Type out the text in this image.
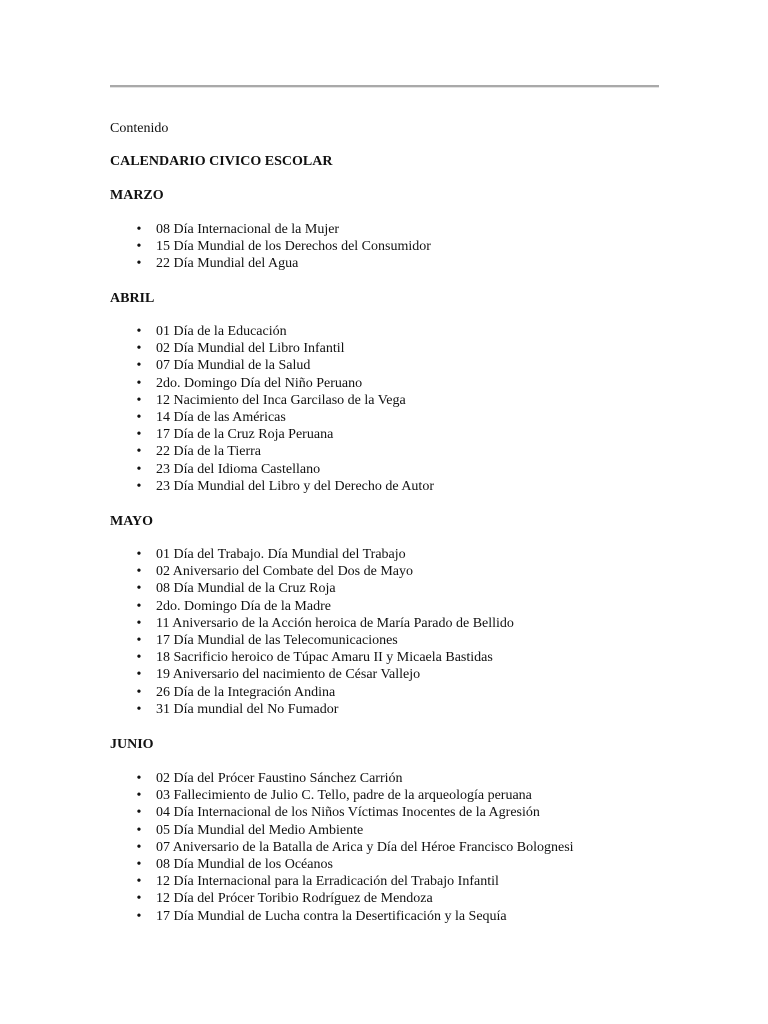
Contenido

CALENDARIO CIVICO ESCOLAR
MARZO
• 08 Día Internacional de la Mujer
• 15 Día Mundial de los Derechos del Consumidor
• 22 Día Mundial del Agua
ABRIL
• 01 Día de la Educación
• 02 Día Mundial del Libro Infantil
• 07 Día Mundial de la Salud
• 2do. Domingo Día del Niño Peruano
• 12 Nacimiento del Inca Garcilaso de la Vega
• 14 Día de las Américas
• 17 Día de la Cruz Roja Peruana
• 22 Día de la Tierra
• 23 Día del Idioma Castellano
• 23 Día Mundial del Libro y del Derecho de Autor
MAYO
• 01 Día del Trabajo. Día Mundial del Trabajo
• 02 Aniversario del Combate del Dos de Mayo
• 08 Día Mundial de la Cruz Roja
• 2do. Domingo Día de la Madre
• 11 Aniversario de la Acción heroica de María Parado de Bellido
• 17 Día Mundial de las Telecomunicaciones
• 18 Sacrificio heroico de Túpac Amaru II y Micaela Bastidas
• 19 Aniversario del nacimiento de César Vallejo
• 26 Día de la Integración Andina
• 31 Día mundial del No Fumador
JUNIO
• 02 Día del Prócer Faustino Sánchez Carrión
• 03 Fallecimiento de Julio C. Tello, padre de la arqueología peruana
• 04 Día Internacional de los Niños Víctimas Inocentes de la Agresión
• 05 Día Mundial del Medio Ambiente
• 07 Aniversario de la Batalla de Arica y Día del Héroe Francisco Bolognesi
• 08 Día Mundial de los Océanos
• 12 Día Internacional para la Erradicación del Trabajo Infantil
• 12 Día del Prócer Toribio Rodríguez de Mendoza
• 17 Día Mundial de Lucha contra la Desertificación y la Sequía
